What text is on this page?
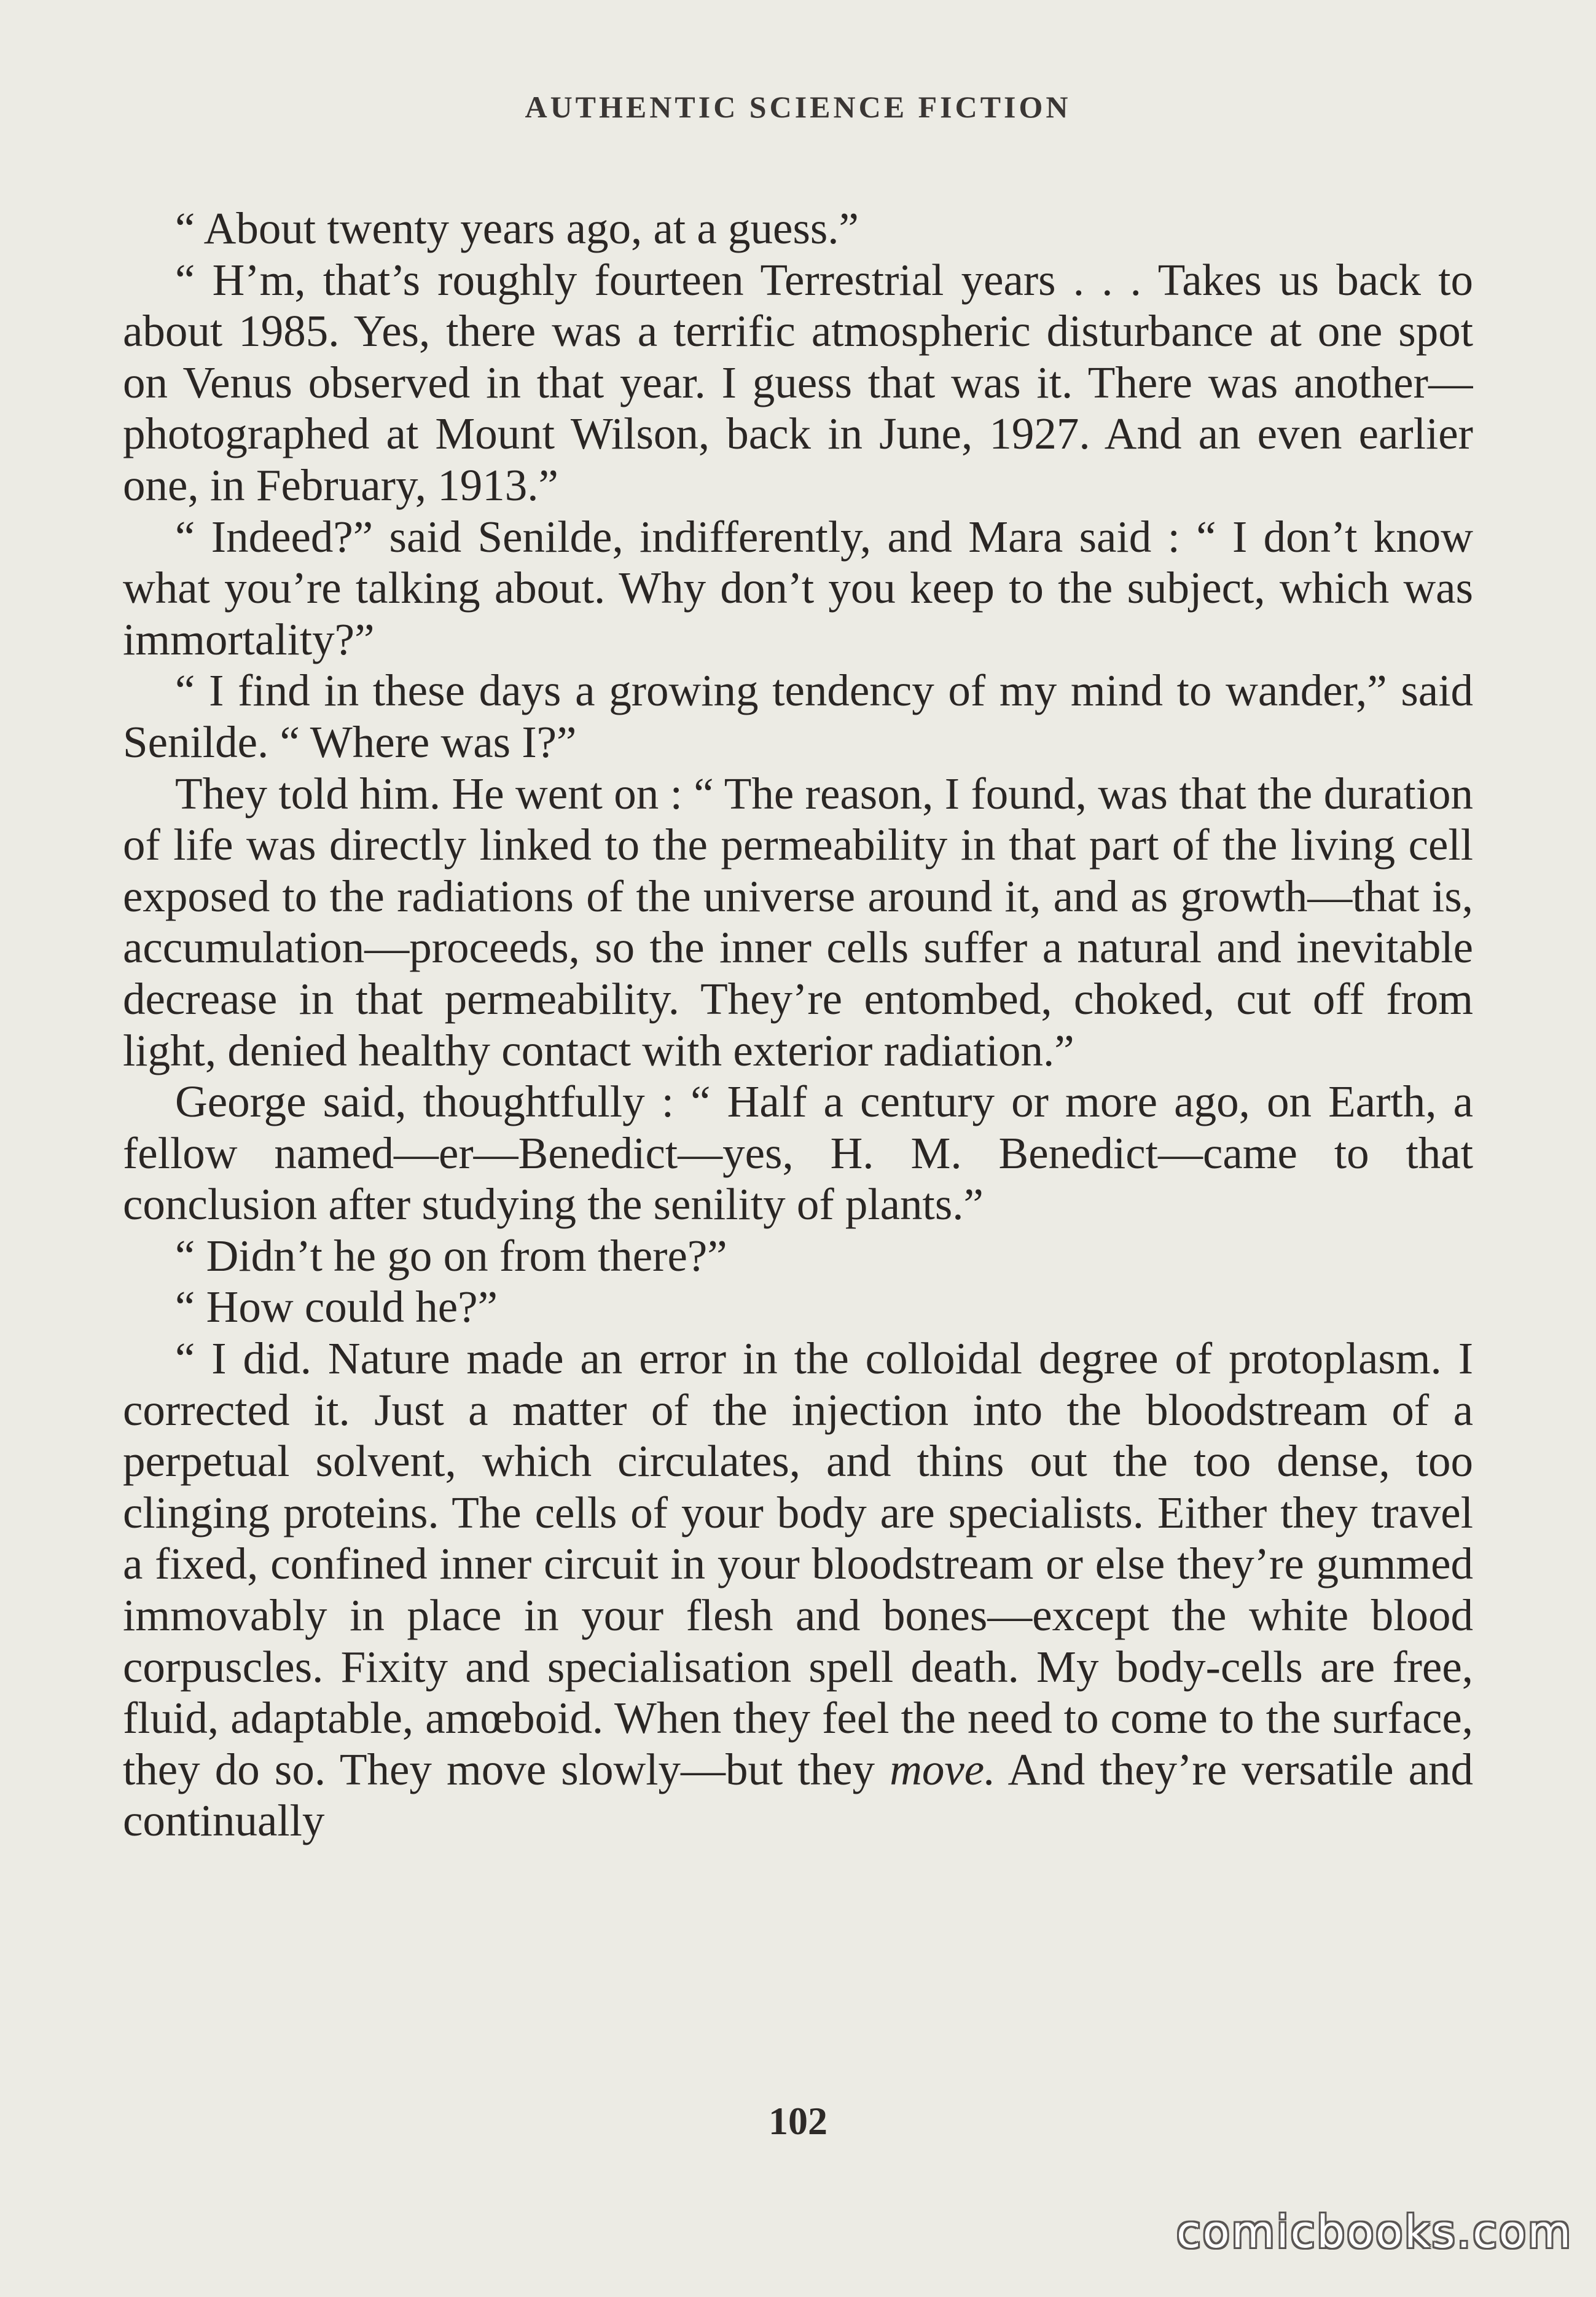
AUTHENTIC SCIENCE FICTION

“ About twenty years ago, at a guess.”

“ H’m, that’s roughly fourteen Terrestrial years . . . Takes us back to about 1985. Yes, there was a terrific atmospheric disturbance at one spot on Venus observed in that year. I guess that was it. There was another—photographed at Mount Wilson, back in June, 1927. And an even earlier one, in February, 1913.”

“ Indeed?” said Senilde, indifferently, and Mara said : “ I don’t know what you’re talking about. Why don’t you keep to the subject, which was immortality?”

“ I find in these days a growing tendency of my mind to wander,” said Senilde. “ Where was I?”

They told him. He went on : “ The reason, I found, was that the duration of life was directly linked to the permeability in that part of the living cell exposed to the radiations of the universe around it, and as growth—that is, accumulation—proceeds, so the inner cells suffer a natural and inevitable decrease in that permeability. They’re entombed, choked, cut off from light, denied healthy contact with exterior radiation.”

George said, thoughtfully : “ Half a century or more ago, on Earth, a fellow named—er—Benedict—yes, H. M. Benedict—came to that conclusion after studying the senility of plants.”

“ Didn’t he go on from there?”

“ How could he?”

“ I did. Nature made an error in the colloidal degree of protoplasm. I corrected it. Just a matter of the injection into the bloodstream of a perpetual solvent, which circulates, and thins out the too dense, too clinging proteins. The cells of your body are specialists. Either they travel a fixed, confined inner circuit in your bloodstream or else they’re gummed immovably in place in your flesh and bones—except the white blood corpuscles. Fixity and specialisation spell death. My body-cells are free, fluid, adaptable, amœboid. When they feel the need to come to the surface, they do so. They move slowly—but they move. And they’re versatile and continually

102
comicbooks.com
